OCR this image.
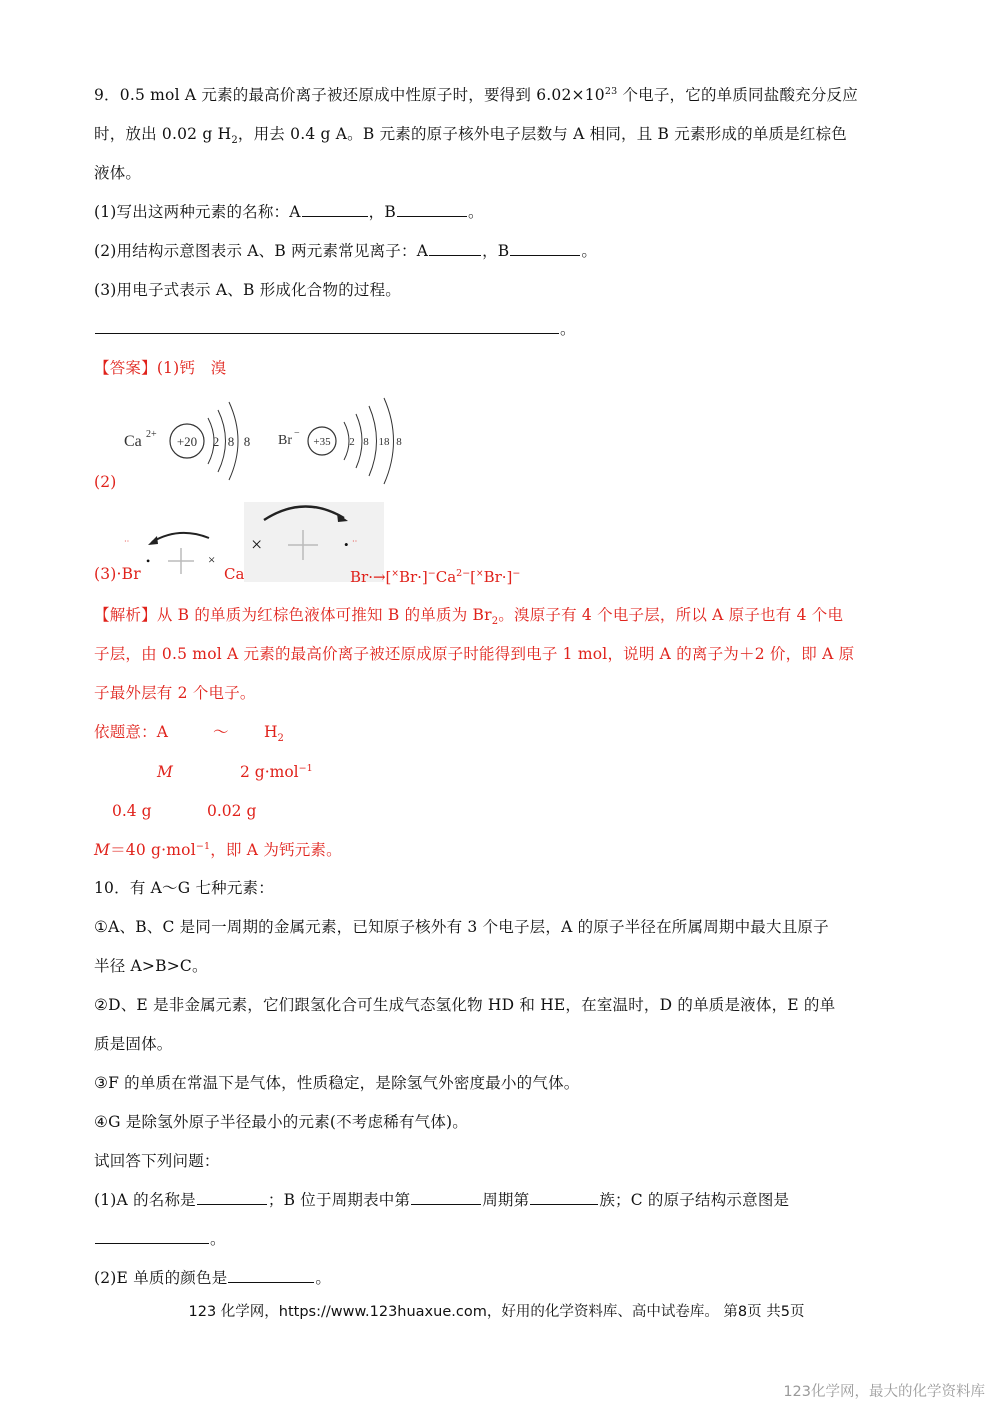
9．0.5 mol A 元素的最高价离子被还原成中性原子时，要得到 $6.02\times 10^{23}$ 个电子，它的单质同盐酸充分反应
时，放出 0.02 g $H_2$，用去 0.4 g A。B 元素的原子核外电子层数与 A 相同，且 B 元素形成的单质是红棕色
液体。
(1)写出这两种元素的名称：A	，B	。
(2)用结构示意图表示 A、B 两元素常见离子：A	，B	。
(3)用电子式表示 A、B 形成化合物的过程。
。
【答案】(1)钙　溴
Ca 2+ +20 2 8 8 Br −
+35 2 8 18 8
(2)
•	×
×	•
··	··
(3)·Br	Ca	$Br\cdot\to[^\times Br\cdot]^-Ca^{2-}[^\times Br\cdot]^-$
【解析】从 B 的单质为红棕色液体可推知 B 的单质为 $Br_2$。溴原子有 4 个电子层，所以 A 原子也有 4 个电
子层，由 0.5 mol A 元素的最高价离子被还原成原子时能得到电子 1 mol，说明 A 的离子为＋2 价，即 A 原
子最外层有 2 个电子。
依题意：A	～ $H_2$
M	2 g·mol$^{-1}$
0.4 g	0.02 g
M＝40 g·mol$^{-1}$，即 A 为钙元素。
10．有 A～G 七种元素：
①A、B、C 是同一周期的金属元素，已知原子核外有 3 个电子层，A 的原子半径在所属周期中最大且原子
半径 A>B>C。
②D、E 是非金属元素，它们跟氢化合可生成气态氢化物 HD 和 HE，在室温时，D 的单质是液体，E 的单
质是固体。
③F 的单质在常温下是气体，性质稳定，是除氢气外密度最小的气体。
④G 是除氢外原子半径最小的元素(不考虑稀有气体)。
试回答下列问题：
(1)A 的名称是	；B 位于周期表中第	周期第	族；C 的原子结构示意图是
。
(2)E 单质的颜色是	。
123 化学网，https://www.123huaxue.com，好用的化学资料库、高中试卷库。 第8页 共5页
123化学网，最大的化学资料库
